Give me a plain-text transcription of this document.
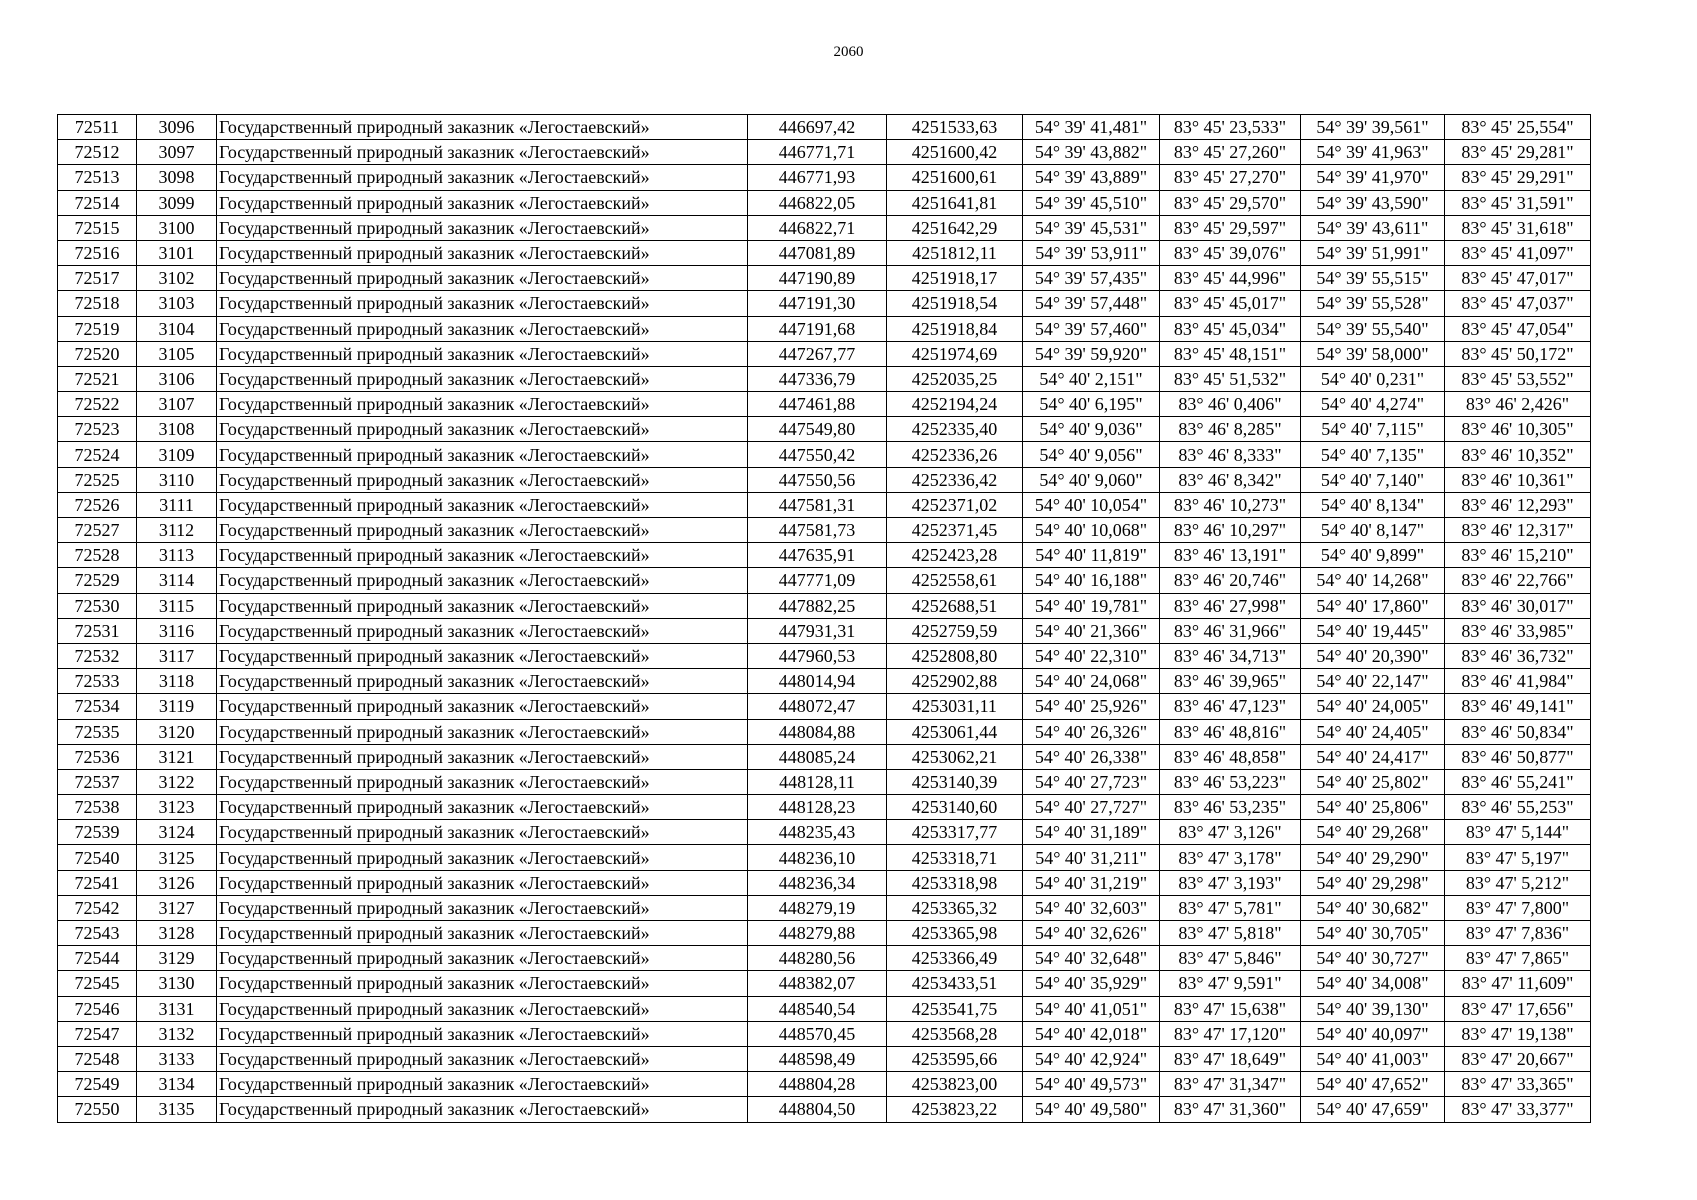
2060
72511	3096	Государственный природный заказник «Легостаевский»	446697,42	4251533,63	54° 39' 41,481"	83° 45' 23,533"	54° 39' 39,561"	83° 45' 25,554"
72512	3097	Государственный природный заказник «Легостаевский»	446771,71	4251600,42	54° 39' 43,882"	83° 45' 27,260"	54° 39' 41,963"	83° 45' 29,281"
72513	3098	Государственный природный заказник «Легостаевский»	446771,93	4251600,61	54° 39' 43,889"	83° 45' 27,270"	54° 39' 41,970"	83° 45' 29,291"
72514	3099	Государственный природный заказник «Легостаевский»	446822,05	4251641,81	54° 39' 45,510"	83° 45' 29,570"	54° 39' 43,590"	83° 45' 31,591"
72515	3100	Государственный природный заказник «Легостаевский»	446822,71	4251642,29	54° 39' 45,531"	83° 45' 29,597"	54° 39' 43,611"	83° 45' 31,618"
72516	3101	Государственный природный заказник «Легостаевский»	447081,89	4251812,11	54° 39' 53,911"	83° 45' 39,076"	54° 39' 51,991"	83° 45' 41,097"
72517	3102	Государственный природный заказник «Легостаевский»	447190,89	4251918,17	54° 39' 57,435"	83° 45' 44,996"	54° 39' 55,515"	83° 45' 47,017"
72518	3103	Государственный природный заказник «Легостаевский»	447191,30	4251918,54	54° 39' 57,448"	83° 45' 45,017"	54° 39' 55,528"	83° 45' 47,037"
72519	3104	Государственный природный заказник «Легостаевский»	447191,68	4251918,84	54° 39' 57,460"	83° 45' 45,034"	54° 39' 55,540"	83° 45' 47,054"
72520	3105	Государственный природный заказник «Легостаевский»	447267,77	4251974,69	54° 39' 59,920"	83° 45' 48,151"	54° 39' 58,000"	83° 45' 50,172"
72521	3106	Государственный природный заказник «Легостаевский»	447336,79	4252035,25	54° 40' 2,151"	83° 45' 51,532"	54° 40' 0,231"	83° 45' 53,552"
72522	3107	Государственный природный заказник «Легостаевский»	447461,88	4252194,24	54° 40' 6,195"	83° 46' 0,406"	54° 40' 4,274"	83° 46' 2,426"
72523	3108	Государственный природный заказник «Легостаевский»	447549,80	4252335,40	54° 40' 9,036"	83° 46' 8,285"	54° 40' 7,115"	83° 46' 10,305"
72524	3109	Государственный природный заказник «Легостаевский»	447550,42	4252336,26	54° 40' 9,056"	83° 46' 8,333"	54° 40' 7,135"	83° 46' 10,352"
72525	3110	Государственный природный заказник «Легостаевский»	447550,56	4252336,42	54° 40' 9,060"	83° 46' 8,342"	54° 40' 7,140"	83° 46' 10,361"
72526	3111	Государственный природный заказник «Легостаевский»	447581,31	4252371,02	54° 40' 10,054"	83° 46' 10,273"	54° 40' 8,134"	83° 46' 12,293"
72527	3112	Государственный природный заказник «Легостаевский»	447581,73	4252371,45	54° 40' 10,068"	83° 46' 10,297"	54° 40' 8,147"	83° 46' 12,317"
72528	3113	Государственный природный заказник «Легостаевский»	447635,91	4252423,28	54° 40' 11,819"	83° 46' 13,191"	54° 40' 9,899"	83° 46' 15,210"
72529	3114	Государственный природный заказник «Легостаевский»	447771,09	4252558,61	54° 40' 16,188"	83° 46' 20,746"	54° 40' 14,268"	83° 46' 22,766"
72530	3115	Государственный природный заказник «Легостаевский»	447882,25	4252688,51	54° 40' 19,781"	83° 46' 27,998"	54° 40' 17,860"	83° 46' 30,017"
72531	3116	Государственный природный заказник «Легостаевский»	447931,31	4252759,59	54° 40' 21,366"	83° 46' 31,966"	54° 40' 19,445"	83° 46' 33,985"
72532	3117	Государственный природный заказник «Легостаевский»	447960,53	4252808,80	54° 40' 22,310"	83° 46' 34,713"	54° 40' 20,390"	83° 46' 36,732"
72533	3118	Государственный природный заказник «Легостаевский»	448014,94	4252902,88	54° 40' 24,068"	83° 46' 39,965"	54° 40' 22,147"	83° 46' 41,984"
72534	3119	Государственный природный заказник «Легостаевский»	448072,47	4253031,11	54° 40' 25,926"	83° 46' 47,123"	54° 40' 24,005"	83° 46' 49,141"
72535	3120	Государственный природный заказник «Легостаевский»	448084,88	4253061,44	54° 40' 26,326"	83° 46' 48,816"	54° 40' 24,405"	83° 46' 50,834"
72536	3121	Государственный природный заказник «Легостаевский»	448085,24	4253062,21	54° 40' 26,338"	83° 46' 48,858"	54° 40' 24,417"	83° 46' 50,877"
72537	3122	Государственный природный заказник «Легостаевский»	448128,11	4253140,39	54° 40' 27,723"	83° 46' 53,223"	54° 40' 25,802"	83° 46' 55,241"
72538	3123	Государственный природный заказник «Легостаевский»	448128,23	4253140,60	54° 40' 27,727"	83° 46' 53,235"	54° 40' 25,806"	83° 46' 55,253"
72539	3124	Государственный природный заказник «Легостаевский»	448235,43	4253317,77	54° 40' 31,189"	83° 47' 3,126"	54° 40' 29,268"	83° 47' 5,144"
72540	3125	Государственный природный заказник «Легостаевский»	448236,10	4253318,71	54° 40' 31,211"	83° 47' 3,178"	54° 40' 29,290"	83° 47' 5,197"
72541	3126	Государственный природный заказник «Легостаевский»	448236,34	4253318,98	54° 40' 31,219"	83° 47' 3,193"	54° 40' 29,298"	83° 47' 5,212"
72542	3127	Государственный природный заказник «Легостаевский»	448279,19	4253365,32	54° 40' 32,603"	83° 47' 5,781"	54° 40' 30,682"	83° 47' 7,800"
72543	3128	Государственный природный заказник «Легостаевский»	448279,88	4253365,98	54° 40' 32,626"	83° 47' 5,818"	54° 40' 30,705"	83° 47' 7,836"
72544	3129	Государственный природный заказник «Легостаевский»	448280,56	4253366,49	54° 40' 32,648"	83° 47' 5,846"	54° 40' 30,727"	83° 47' 7,865"
72545	3130	Государственный природный заказник «Легостаевский»	448382,07	4253433,51	54° 40' 35,929"	83° 47' 9,591"	54° 40' 34,008"	83° 47' 11,609"
72546	3131	Государственный природный заказник «Легостаевский»	448540,54	4253541,75	54° 40' 41,051"	83° 47' 15,638"	54° 40' 39,130"	83° 47' 17,656"
72547	3132	Государственный природный заказник «Легостаевский»	448570,45	4253568,28	54° 40' 42,018"	83° 47' 17,120"	54° 40' 40,097"	83° 47' 19,138"
72548	3133	Государственный природный заказник «Легостаевский»	448598,49	4253595,66	54° 40' 42,924"	83° 47' 18,649"	54° 40' 41,003"	83° 47' 20,667"
72549	3134	Государственный природный заказник «Легостаевский»	448804,28	4253823,00	54° 40' 49,573"	83° 47' 31,347"	54° 40' 47,652"	83° 47' 33,365"
72550	3135	Государственный природный заказник «Легостаевский»	448804,50	4253823,22	54° 40' 49,580"	83° 47' 31,360"	54° 40' 47,659"	83° 47' 33,377"
